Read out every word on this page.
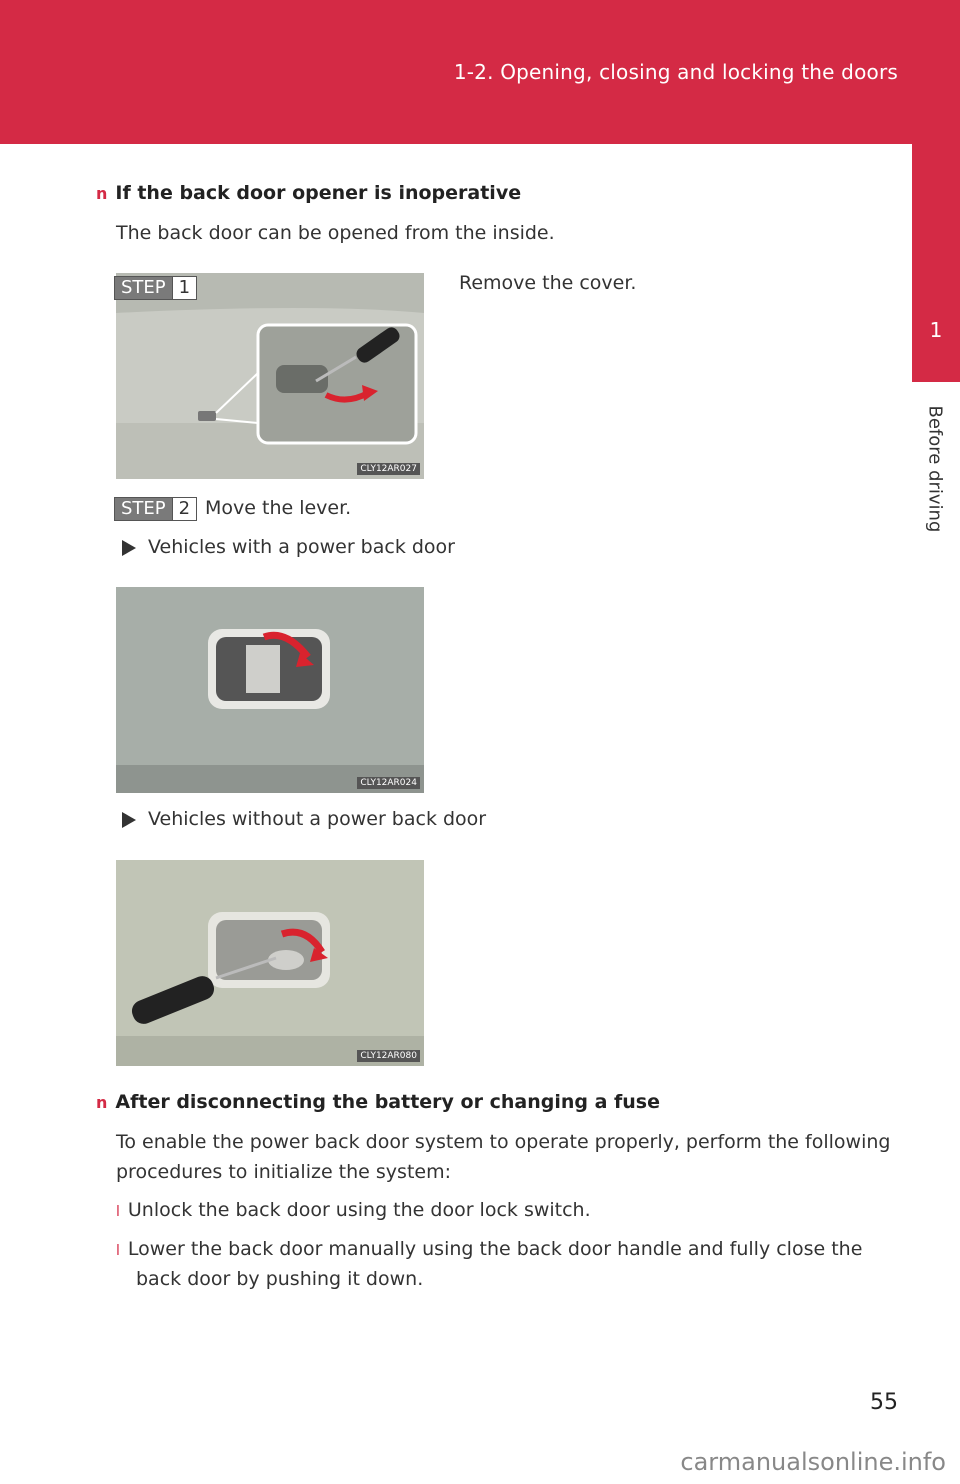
1-2. Opening, closing and locking the doors
1
Before driving
n If the back door opener is inoperative
The back door can be opened from the inside.
CLY12AR027
STEP 1	Remove the cover.
STEP 2 Move the lever.
Vehicles with a power back door
CLY12AR024
Vehicles without a power back door
CLY12AR080
n After disconnecting the battery or changing a fuse
To enable the power back door system to operate properly, perform the following
procedures to initialize the system:
l Unlock the back door using the door lock switch.
l Lower the back door manually using the back door handle and fully close the
back door by pushing it down.
55
carmanualsonline.info
